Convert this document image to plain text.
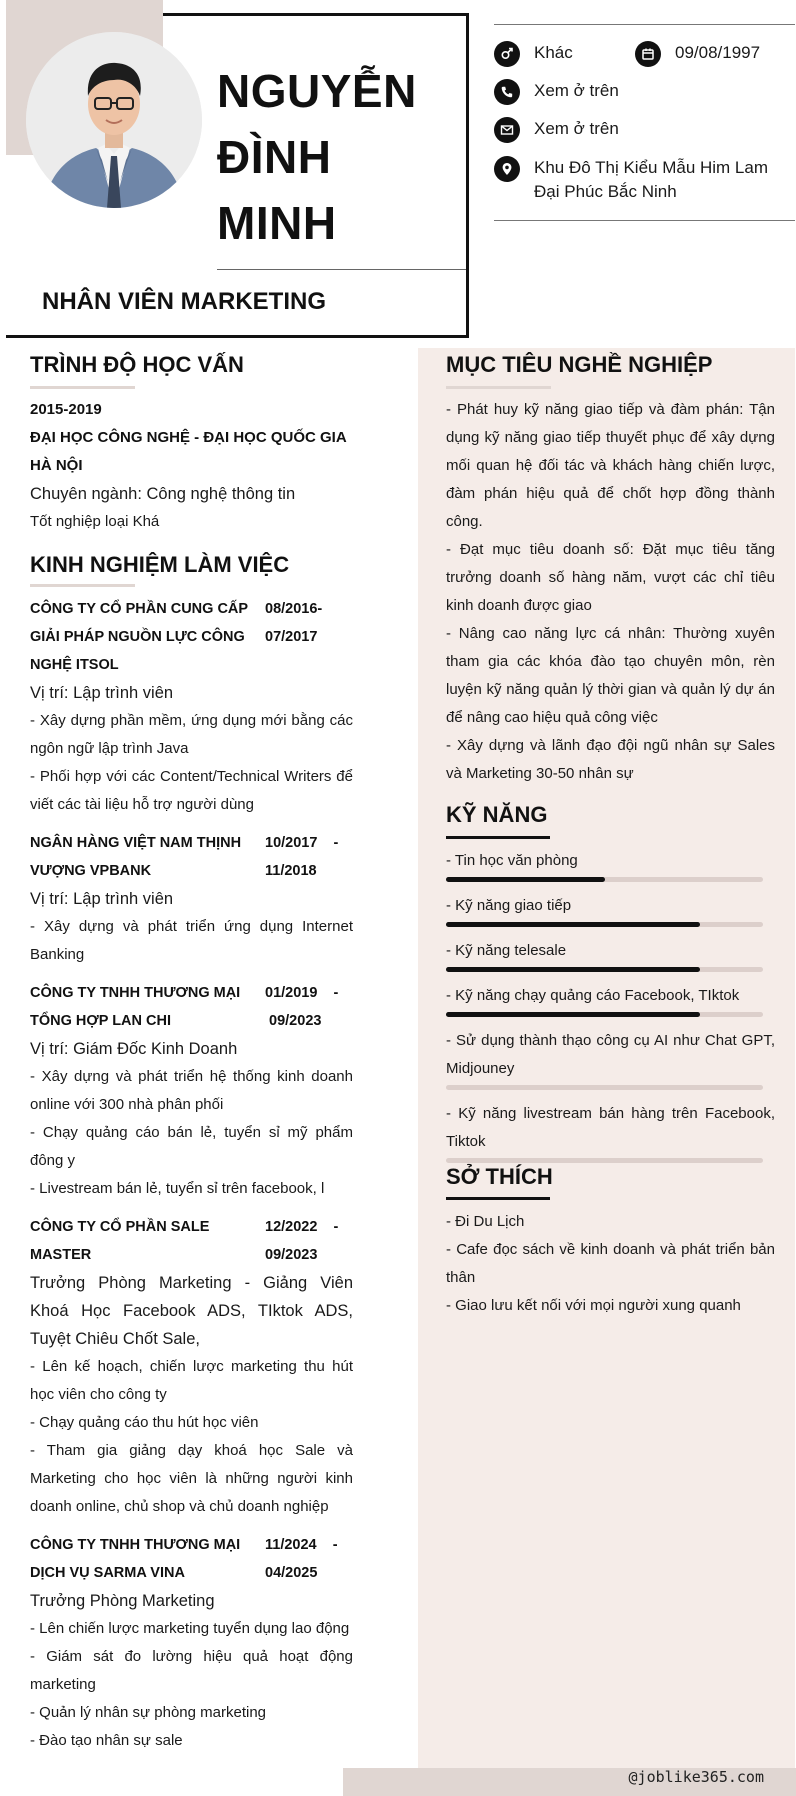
NGUYỄN
ĐÌNH
MINH
NHÂN VIÊN MARKETING
Khác	09/08/1997
Xem ở trên
Xem ở trên
Khu Đô Thị Kiểu Mẫu Him Lam
Đại Phúc Bắc Ninh
TRÌNH ĐỘ HỌC VẤN
2015-2019
ĐẠI HỌC CÔNG NGHỆ - ĐẠI HỌC QUỐC GIA HÀ NỘI
Chuyên ngành: Công nghệ thông tin
Tốt nghiệp loại Khá
KINH NGHIỆM LÀM VIỆC
CÔNG TY CỔ PHẦN CUNG CẤP GIẢI PHÁP NGUỒN LỰC CÔNG NGHỆ ITSOL
08/2016-
07/2017
Vị trí: Lập trình viên
- Xây dựng phần mềm, ứng dụng mới bằng các ngôn ngữ lập trình Java
- Phối hợp với các Content/Technical Writers để viết các tài liệu hỗ trợ người dùng
NGÂN HÀNG VIỆT NAM THỊNH VƯỢNG VPBANK
10/2017    -
11/2018
Vị trí: Lập trình viên
- Xây dựng và phát triển ứng dụng Internet Banking
CÔNG TY TNHH THƯƠNG MẠI TỔNG HỢP LAN CHI
01/2019    -
09/2023
Vị trí: Giám Đốc Kinh Doanh
- Xây dựng và phát triển hệ thống kinh doanh online với 300 nhà phân phối
- Chạy quảng cáo bán lẻ, tuyển sỉ mỹ phẩm đông y
- Livestream bán lẻ, tuyển sỉ trên facebook, l
CÔNG TY CỔ PHẦN SALE MASTER
12/2022    -
09/2023
Trưởng Phòng Marketing - Giảng Viên Khoá Học Facebook ADS, TIktok ADS, Tuyệt Chiêu Chốt Sale,
- Lên kế hoạch, chiến lược marketing thu hút học viên cho công ty
- Chạy quảng cáo thu hút học viên
- Tham gia giảng dạy khoá học Sale và Marketing cho học viên là những người kinh doanh online, chủ shop và chủ doanh nghiệp
CÔNG TY TNHH THƯƠNG MẠI DỊCH VỤ SARMA VINA
11/2024    -
04/2025
Trưởng Phòng Marketing
- Lên chiến lược marketing tuyển dụng lao động
- Giám sát đo lường hiệu quả hoạt động marketing
- Quản lý nhân sự phòng marketing
- Đào tạo nhân sự sale
MỤC TIÊU NGHỀ NGHIỆP
- Phát huy kỹ năng giao tiếp và đàm phán: Tận dụng kỹ năng giao tiếp thuyết phục để xây dựng mối quan hệ đối tác và khách hàng chiến lược, đàm phán hiệu quả để chốt hợp đồng thành công.
- Đạt mục tiêu doanh số: Đặt mục tiêu tăng trưởng doanh số hàng năm, vượt các chỉ tiêu kinh doanh được giao
- Nâng cao năng lực cá nhân: Thường xuyên tham gia các khóa đào tạo chuyên môn, rèn luyện kỹ năng quản lý thời gian và quản lý dự án để nâng cao hiệu quả công việc
- Xây dựng và lãnh đạo đội ngũ nhân sự Sales và Marketing 30-50 nhân sự
KỸ NĂNG
- Tin học văn phòng
- Kỹ năng giao tiếp
- Kỹ năng telesale
- Kỹ năng chạy quảng cáo Facebook, TIktok
- Sử dụng thành thạo công cụ AI như Chat GPT, Midjouney
- Kỹ năng livestream bán hàng trên Facebook, Tiktok
SỞ THÍCH
- Đi Du Lịch
- Cafe đọc sách về kinh doanh và phát triển bản thân
- Giao lưu kết nối với mọi người xung quanh
@joblike365.com
